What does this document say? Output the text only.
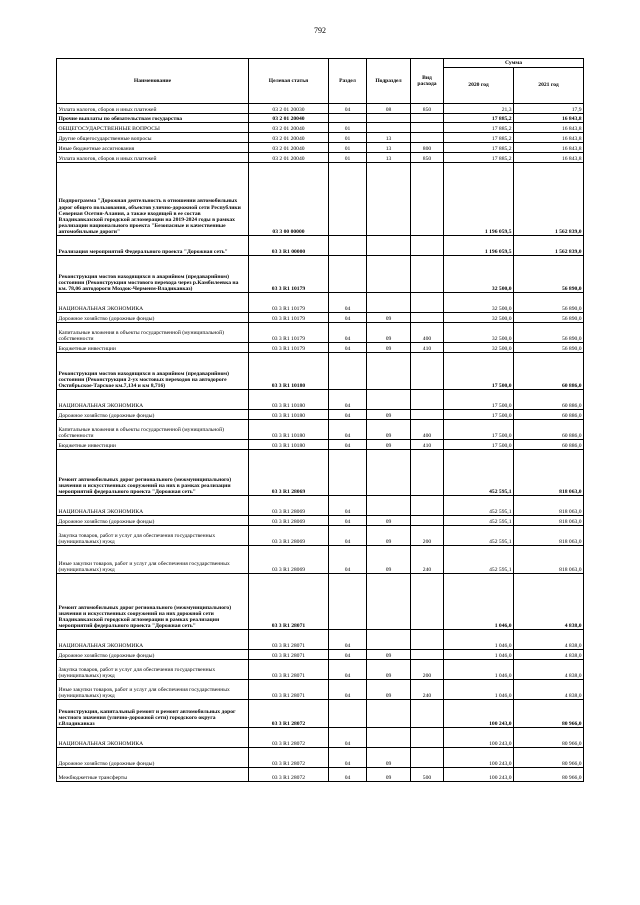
792
Наименование	Целевая статья	Раздел	Подраздел	Вид расхода	Сумма	
					2020 год	2021 год
Уплата налогов, сборов и иных платежей	03 2 01 20030	04	08	850	21,3	17,9
Прочие выплаты по обязательствам государства	03 2 01 20040				17 885,2	16 843,8
ОБЩЕГОСУДАРСТВЕННЫЕ ВОПРОСЫ	03 2 01 20040	01			17 885,2	16 843,8
Другие общегосударственные вопросы	03 2 01 20040	01	13		17 885,2	16 843,8
Иные бюджетные ассигнования	03 2 01 20040	01	13	800	17 885,2	16 843,8
Уплата налогов, сборов и иных платежей	03 2 01 20040	01	13	850	17 885,2	16 843,8
Подпрограмма "Дорожная деятельность в отношении автомобильных дорог общего пользования, объектов улично-дорожной сети Республики Северная Осетия-Алания, а также входящей в ее состав Владикавказской городской агломерации на 2019-2024 годы в рамках реализации национального проекта "Безопасные и качественные автомобильные дороги"	03 3 00 00000				1 196 059,5	1 562 839,0
Реализация мероприятий Федерального проекта "Дорожная сеть"	03 3 R1 00000				1 196 059,5	1 562 839,0
Реконструкция мостов находящихся в аварийном (предаварийном) состоянии (Реконструкция мостового перехода через р.Камбилеевка на км. 78,06 автодороги Моздок-Черменм-Владикавказ)	03 3 R1 10179				32 500,0	56 890,0
НАЦИОНАЛЬНАЯ ЭКОНОМИКА	03 3 R1 10179	04			32 500,0	56 890,0
Дорожное хозяйство (дорожные фонды)	03 3 R1 10179	04	09		32 500,0	56 890,0
Капитальные вложения в объекты государственной (муниципальной) собственности	03 3 R1 10179	04	09	400	32 500,0	56 890,0
Бюджетные инвестиции	03 3 R1 10179	04	09	410	32 500,0	56 890,0
Реконструкция мостов находящихся в аварийном (предаварийном) состоянии (Реконструкция 2-ух мостовых переходов на автодороге Октябрьское-Тарское км.7,134 и км 8,716)	03 3 R1 10180				17 500,0	60 886,0
НАЦИОНАЛЬНАЯ ЭКОНОМИКА	03 3 R1 10180	04			17 500,0	60 886,0
Дорожное хозяйство (дорожные фонды)	03 3 R1 10180	04	09		17 500,0	60 886,0
Капитальные вложения в объекты государственной (муниципальной) собственности	03 3 R1 10180	04	09	400	17 500,0	60 886,0
Бюджетные инвестиции	03 3 R1 10180	04	09	410	17 500,0	60 886,0
Ремонт автомобильных дорог регионального (межмуниципального) значения и искусственных сооружений на них в рамках реализации мероприятий федерального проекта "Дорожная сеть"	03 3 R1 28069				452 595,1	818 063,0
НАЦИОНАЛЬНАЯ ЭКОНОМИКА	03 3 R1 28069	04			452 595,1	818 063,0
Дорожное хозяйство (дорожные фонды)	03 3 R1 28069	04	09		452 595,1	818 063,0
Закупка товаров, работ и услуг для обеспечения государственных (муниципальных) нужд	03 3 R1 28069	04	09	200	452 595,1	818 063,0
Иные закупки товаров, работ и услуг для обеспечения государственных (муниципальных) нужд	03 3 R1 28069	04	09	240	452 595,1	818 063,0
Ремонт автомобильных дорог регионального (межмуниципального) значения и искусственных сооружений на них дорожной сети Владикавказской городской агломерации в рамках реализации мероприятий федерального проекта "Дорожная сеть"	03 3 R1 28071				1 046,0	4 838,0
НАЦИОНАЛЬНАЯ ЭКОНОМИКА	03 3 R1 28071	04			1 046,0	4 838,0
Дорожное хозяйство (дорожные фонды)	03 3 R1 28071	04	09		1 046,0	4 838,0
Закупка товаров, работ и услуг для обеспечения государственных (муниципальных) нужд	03 3 R1 28071	04	09	200	1 046,0	4 838,0
Иные закупки товаров, работ и услуг для обеспечения государственных (муниципальных) нужд	03 3 R1 28071	04	09	240	1 046,0	4 838,0
Реконструкция, капитальный ремонт и ремонт автомобильных дорог местного значения (улично-дорожной сети) городского округа г.Владикавказ	03 3 R1 28072				100 243,0	80 966,0
НАЦИОНАЛЬНАЯ ЭКОНОМИКА	03 3 R1 28072	04			100 243,0	80 966,0
Дорожное хозяйство (дорожные фонды)	03 3 R1 28072	04	09		100 243,0	80 966,0
Межбюджетные трансферты	03 3 R1 28072	04	09	500	100 243,0	80 966,0
